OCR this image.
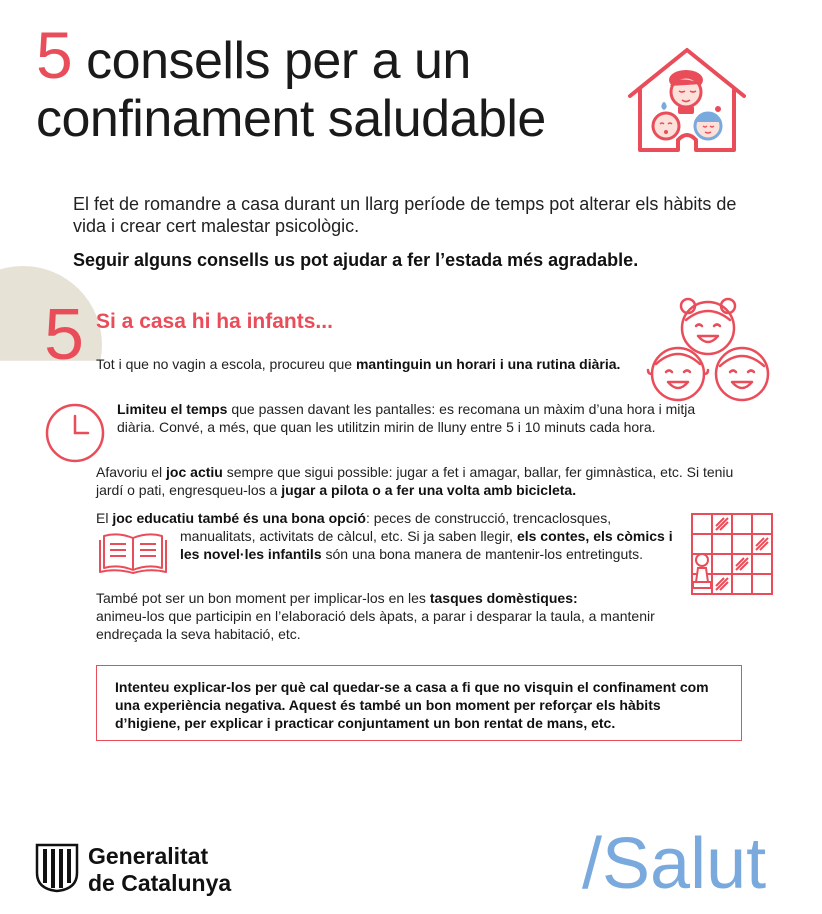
5 consells per a un
confinament saludable
El fet de romandre a casa durant un llarg període de temps pot alterar els hàbits de vida i crear cert malestar psicològic.
Seguir alguns consells us pot ajudar a fer l’estada més agradable.
5 Si a casa hi ha infants...
Tot i que no vagin a escola, procureu que mantinguin un horari i una rutina diària.
Limiteu el temps que passen davant les pantalles: es recomana un màxim d’una hora i mitja diària. Convé, a més, que quan les utilitzin mirin de lluny entre 5 i 10 minuts cada hora.
Afavoriu el joc actiu sempre que sigui possible: jugar a fet i amagar, ballar, fer gimnàstica, etc. Si teniu jardí o pati, engresqueu-los a jugar a pilota o a fer una volta amb bicicleta.
El joc educatiu també és una bona opció: peces de construcció, trencaclosques,
manualitats, activitats de càlcul, etc. Si ja saben llegir, els contes, els còmics i les novel·les infantils són una bona manera de mantenir-los entretinguts.
També pot ser un bon moment per implicar-los en les tasques domèstiques:
animeu-los que participin en l’elaboració dels àpats, a parar i desparar la taula, a mantenir endreçada la seva habitació, etc.
Intenteu explicar-los per què cal quedar-se a casa a fi que no visquin el confinament com una experiència negativa. Aquest és també un bon moment per reforçar els hàbits d’higiene, per explicar i practicar conjuntament un bon rentat de mans, etc.
Generalitat
de Catalunya	/Salut
